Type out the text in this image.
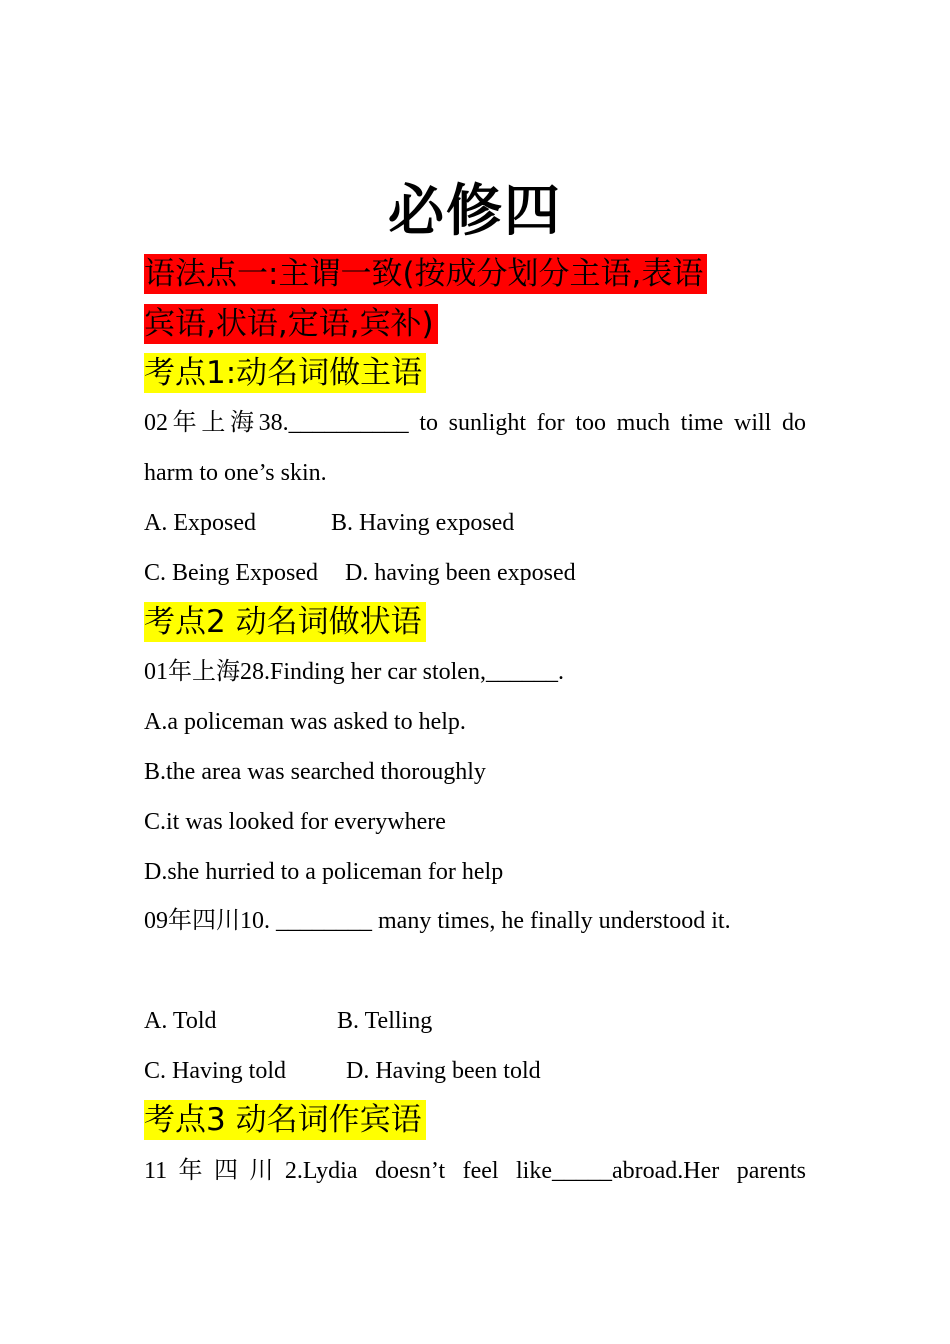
必修四
语法点一:主谓一致(按成分划分主语,表语
宾语,状语,定语,宾补)
考点1:动名词做主语
02年上海38.__________ to sunlight for too much time will do
harm to one’s skin.
A. Exposed	B. Having exposed
C. Being Exposed D. having been exposed
考点2 动名词做状语
01年上海28.Finding her car stolen,______.
A.a policeman was asked to help.
B.the area was searched thoroughly
C.it was looked for everywhere
D.she hurried to a policeman for help
09年四川10. ________ many times, he finally understood it.
A. Told	B. Telling
C. Having told	D. Having been told
考点3 动名词作宾语
11年四川2.Lydia doesn’t feel like_____abroad.Her parents
